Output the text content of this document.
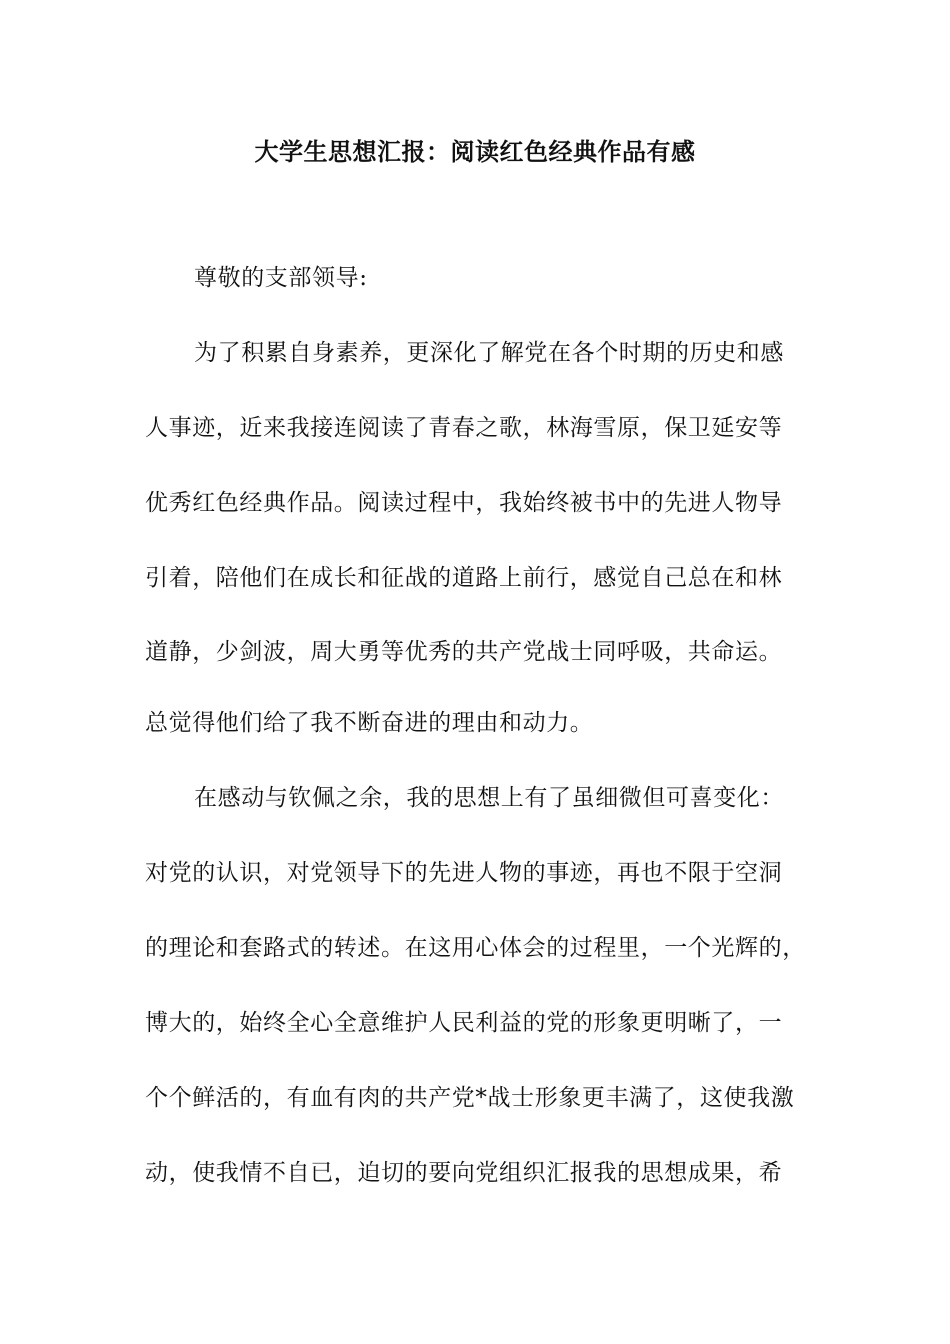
大学生思想汇报：阅读红色经典作品有感
尊敬的支部领导:
为了积累自身素养，更深化了解党在各个时期的历史和感
人事迹，近来我接连阅读了青春之歌，林海雪原，保卫延安等
优秀红色经典作品。阅读过程中，我始终被书中的先进人物导
引着，陪他们在成长和征战的道路上前行，感觉自己总在和林
道静，少剑波，周大勇等优秀的共产党战士同呼吸，共命运。
总觉得他们给了我不断奋进的理由和动力。
在感动与钦佩之余，我的思想上有了虽细微但可喜变化：
对党的认识，对党领导下的先进人物的事迹，再也不限于空洞
的理论和套路式的转述。在这用心体会的过程里，一个光辉的，
博大的，始终全心全意维护人民利益的党的形象更明晰了，一
个个鲜活的，有血有肉的共产党*战士形象更丰满了，这使我激
动，使我情不自已，迫切的要向党组织汇报我的思想成果，希
